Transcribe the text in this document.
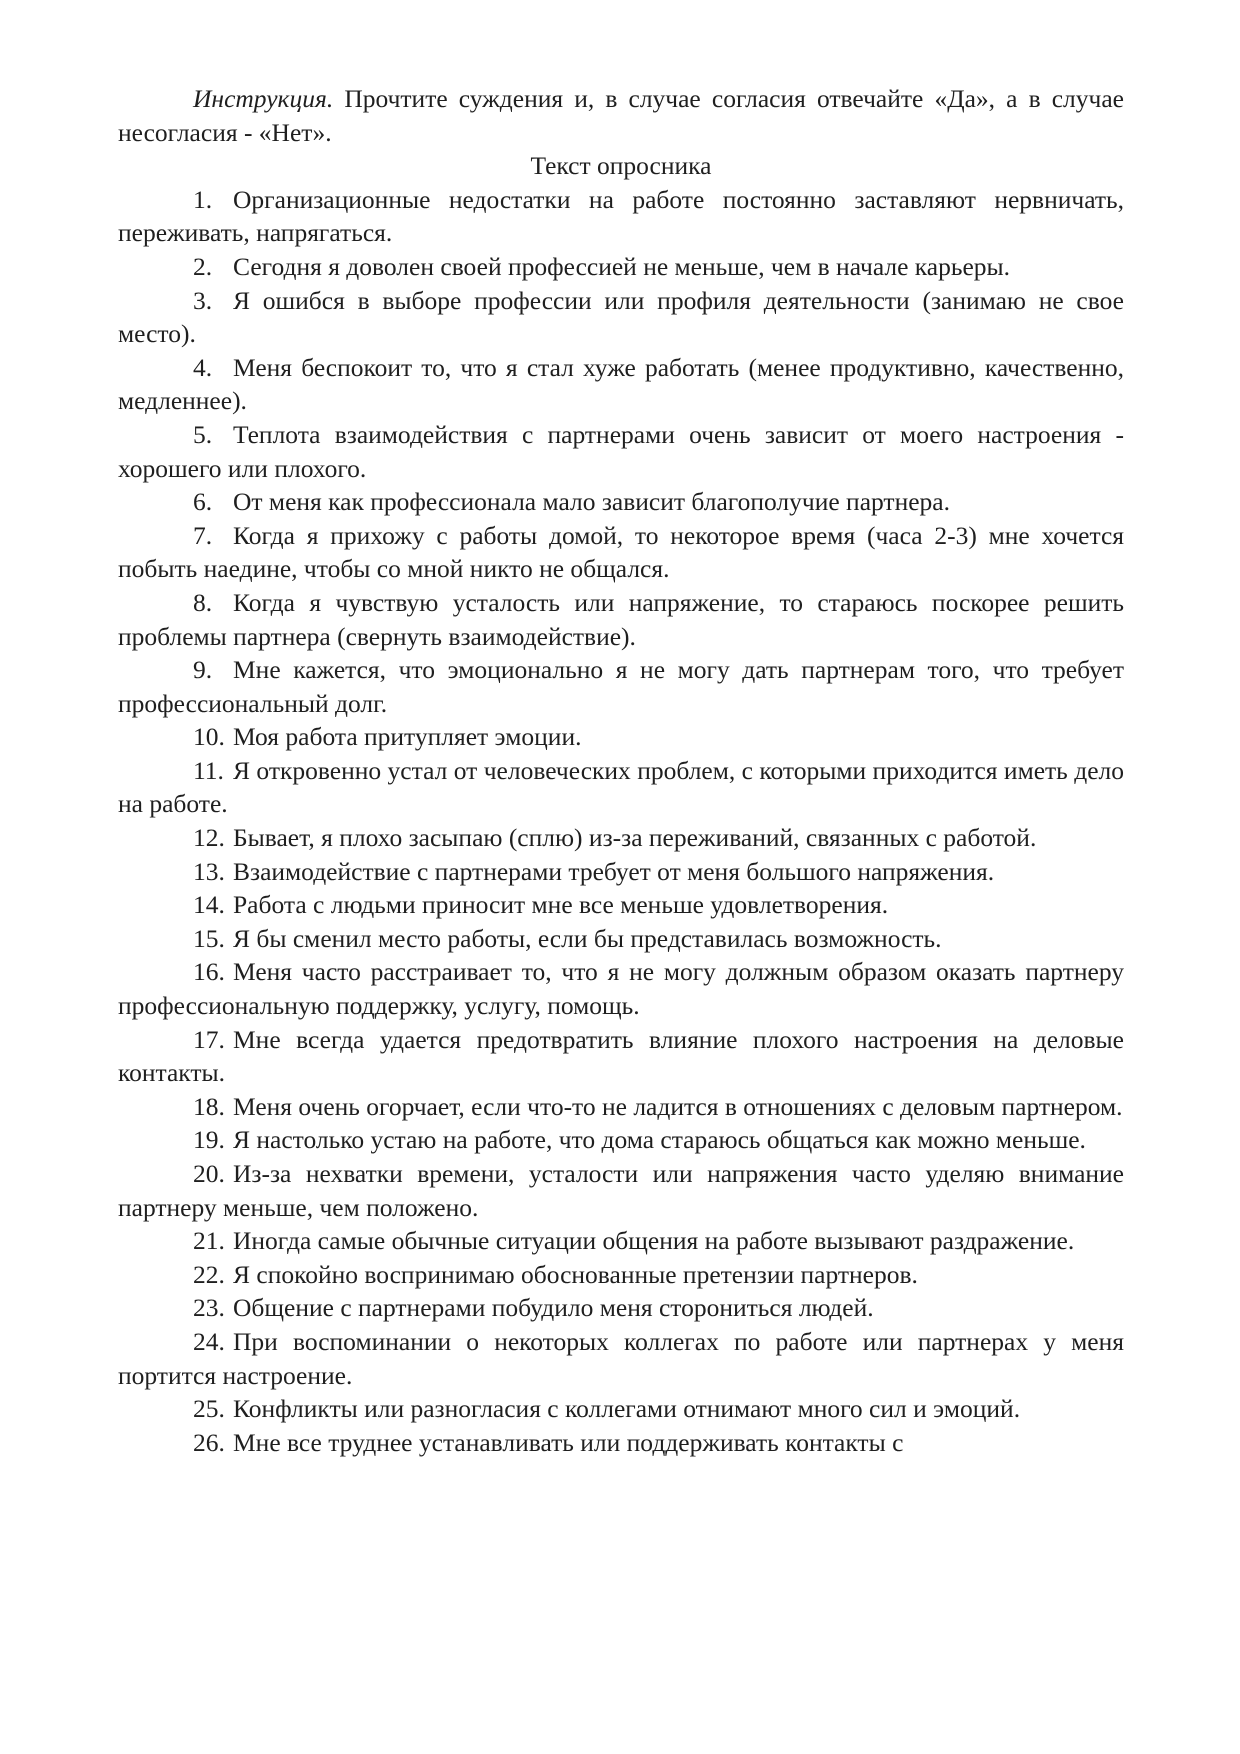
Инструкция. Прочтите суждения и, в случае согласия отвечайте «Да», а в случае несогласия - «Нет».

Текст опросника

1. Организационные недостатки на работе постоянно заставляют нервничать, переживать, напрягаться.
2. Сегодня я доволен своей профессией не меньше, чем в начале карьеры.
3. Я ошибся в выборе профессии или профиля деятельности (занимаю не свое место).
4. Меня беспокоит то, что я стал хуже работать (менее продуктивно, качественно, медленнее).
5. Теплота взаимодействия с партнерами очень зависит от моего настроения - хорошего или плохого.
6. От меня как профессионала мало зависит благополучие партнера.
7. Когда я прихожу с работы домой, то некоторое время (часа 2-3) мне хочется побыть наедине, чтобы со мной никто не общался.
8. Когда я чувствую усталость или напряжение, то стараюсь поскорее решить проблемы партнера (свернуть взаимодействие).
9. Мне кажется, что эмоционально я не могу дать партнерам того, что требует профессиональный долг.
10. Моя работа притупляет эмоции.
11. Я откровенно устал от человеческих проблем, с которыми приходится иметь дело на работе.
12. Бывает, я плохо засыпаю (сплю) из-за переживаний, связанных с работой.
13. Взаимодействие с партнерами требует от меня большого напряжения.
14. Работа с людьми приносит мне все меньше удовлетворения.
15. Я бы сменил место работы, если бы представилась возможность.
16. Меня часто расстраивает то, что я не могу должным образом оказать партнеру профессиональную поддержку, услугу, помощь.
17. Мне всегда удается предотвратить влияние плохого настроения на деловые контакты.
18. Меня очень огорчает, если что-то не ладится в отношениях с деловым партнером.
19. Я настолько устаю на работе, что дома стараюсь общаться как можно меньше.
20. Из-за нехватки времени, усталости или напряжения часто уделяю внимание партнеру меньше, чем положено.
21. Иногда самые обычные ситуации общения на работе вызывают раздражение.
22. Я спокойно воспринимаю обоснованные претензии партнеров.
23. Общение с партнерами побудило меня сторониться людей.
24. При воспоминании о некоторых коллегах по работе или партнерах у меня портится настроение.
25. Конфликты или разногласия с коллегами отнимают много сил и эмоций.
26. Мне все труднее устанавливать или поддерживать контакты с
